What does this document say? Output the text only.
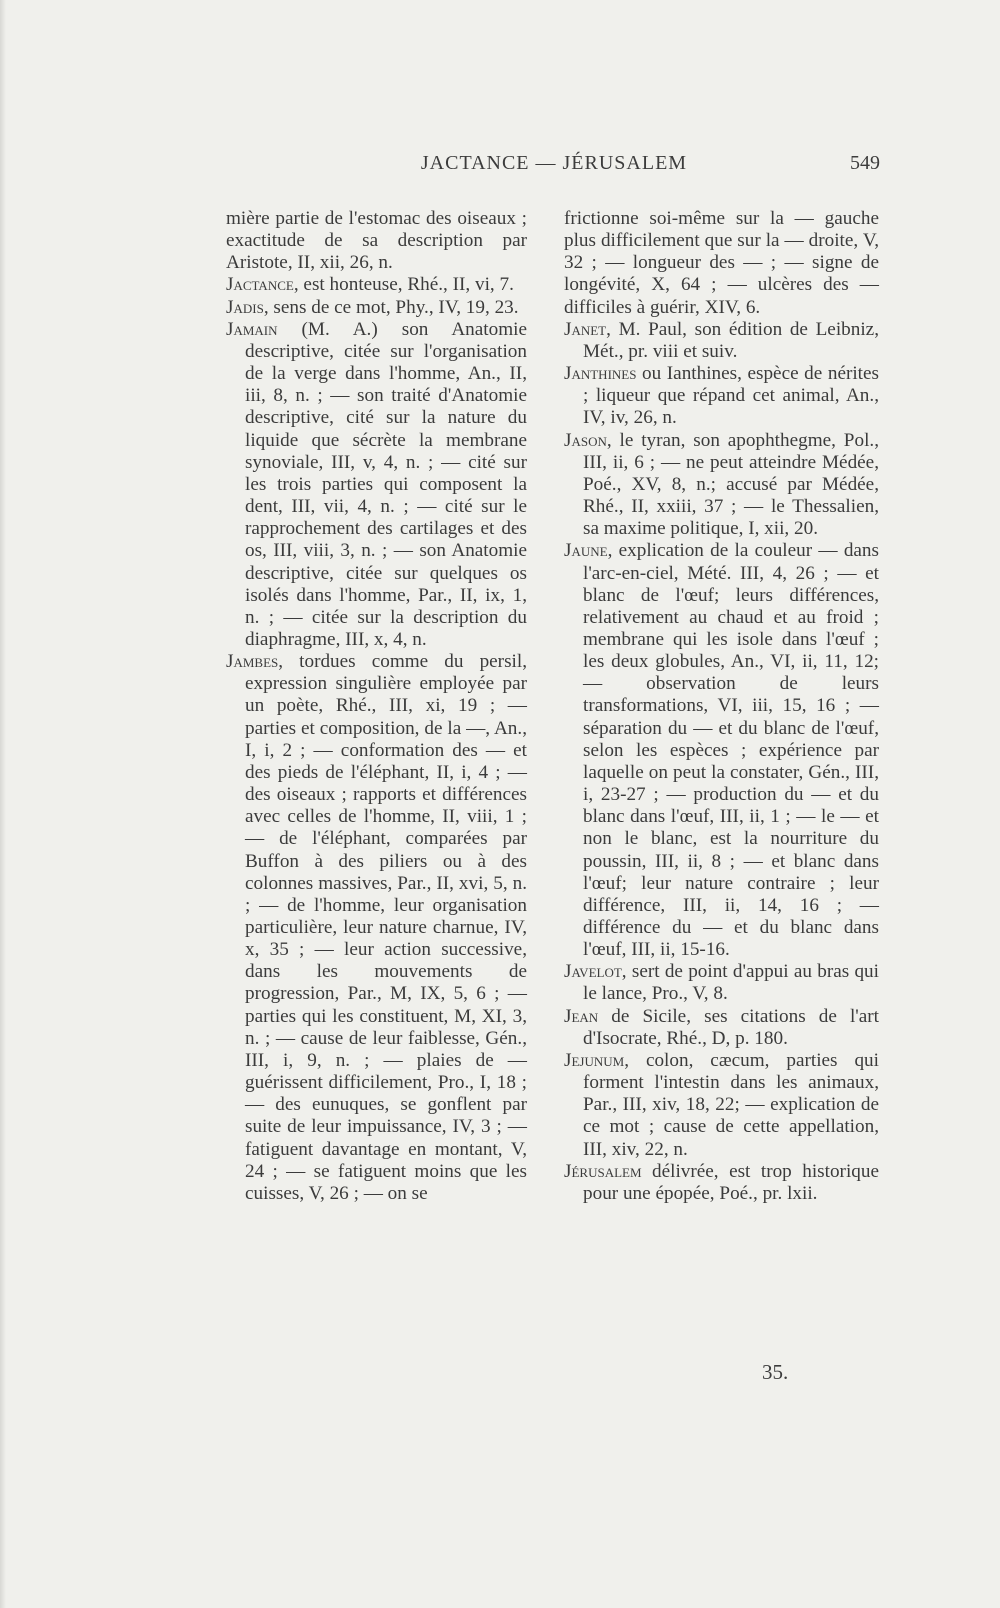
JACTANCE — JÉRUSALEM	549

mière partie de l'estomac des oiseaux ; exactitude de sa description par Aristote, II, xii, 26, n.

Jactance, est honteuse, Rhé., II, vi, 7.

Jadis, sens de ce mot, Phy., IV, 19, 23.

Jamain (M. A.) son Anatomie descriptive, citée sur l'organisation de la verge dans l'homme, An., II, iii, 8, n. ; — son traité d'Anatomie descriptive, cité sur la nature du liquide que sécrète la membrane synoviale, III, v, 4, n. ; — cité sur les trois parties qui composent la dent, III, vii, 4, n. ; — cité sur le rapprochement des cartilages et des os, III, viii, 3, n. ; — son Anatomie descriptive, citée sur quelques os isolés dans l'homme, Par., II, ix, 1, n. ; — citée sur la description du diaphragme, III, x, 4, n.

Jambes, tordues comme du persil, expression singulière employée par un poète, Rhé., III, xi, 19 ; — parties et composition, de la —, An., I, i, 2 ; — conformation des — et des pieds de l'éléphant, II, i, 4 ; — des oiseaux ; rapports et différences avec celles de l'homme, II, viii, 1 ; — de l'éléphant, comparées par Buffon à des piliers ou à des colonnes massives, Par., II, xvi, 5, n. ; — de l'homme, leur organisation particulière, leur nature charnue, IV, x, 35 ; — leur action successive, dans les mouvements de progression, Par., M, IX, 5, 6 ; — parties qui les constituent, M, XI, 3, n. ; — cause de leur faiblesse, Gén., III, i, 9, n. ; — plaies de — guérissent difficilement, Pro., I, 18 ; — des eunuques, se gonflent par suite de leur impuissance, IV, 3 ; — fatiguent davantage en montant, V, 24 ; — se fatiguent moins que les cuisses, V, 26 ; — on se

frictionne soi-même sur la — gauche plus difficilement que sur la — droite, V, 32 ; — longueur des — ; — signe de longévité, X, 64 ; — ulcères des — difficiles à guérir, XIV, 6.

Janet, M. Paul, son édition de Leibniz, Mét., pr. viii et suiv.

Janthines ou Ianthines, espèce de nérites ; liqueur que répand cet animal, An., IV, iv, 26, n.

Jason, le tyran, son apophthegme, Pol., III, ii, 6 ; — ne peut atteindre Médée, Poé., XV, 8, n.; accusé par Médée, Rhé., II, xxiii, 37 ; — le Thessalien, sa maxime politique, I, xii, 20.

Jaune, explication de la couleur — dans l'arc-en-ciel, Mété. III, 4, 26 ; — et blanc de l'œuf; leurs différences, relativement au chaud et au froid ; membrane qui les isole dans l'œuf ; les deux globules, An., VI, ii, 11, 12; — observation de leurs transformations, VI, iii, 15, 16 ; — séparation du — et du blanc de l'œuf, selon les espèces ; expérience par laquelle on peut la constater, Gén., III, i, 23-27 ; — production du — et du blanc dans l'œuf, III, ii, 1 ; — le — et non le blanc, est la nourriture du poussin, III, ii, 8 ; — et blanc dans l'œuf; leur nature contraire ; leur différence, III, ii, 14, 16 ; — différence du — et du blanc dans l'œuf, III, ii, 15-16.

Javelot, sert de point d'appui au bras qui le lance, Pro., V, 8.

Jean de Sicile, ses citations de l'art d'Isocrate, Rhé., D, p. 180.

Jejunum, colon, cæcum, parties qui forment l'intestin dans les animaux, Par., III, xiv, 18, 22; — explication de ce mot ; cause de cette appellation, III, xiv, 22, n.

Jérusalem délivrée, est trop historique pour une épopée, Poé., pr. lxii.

35.
